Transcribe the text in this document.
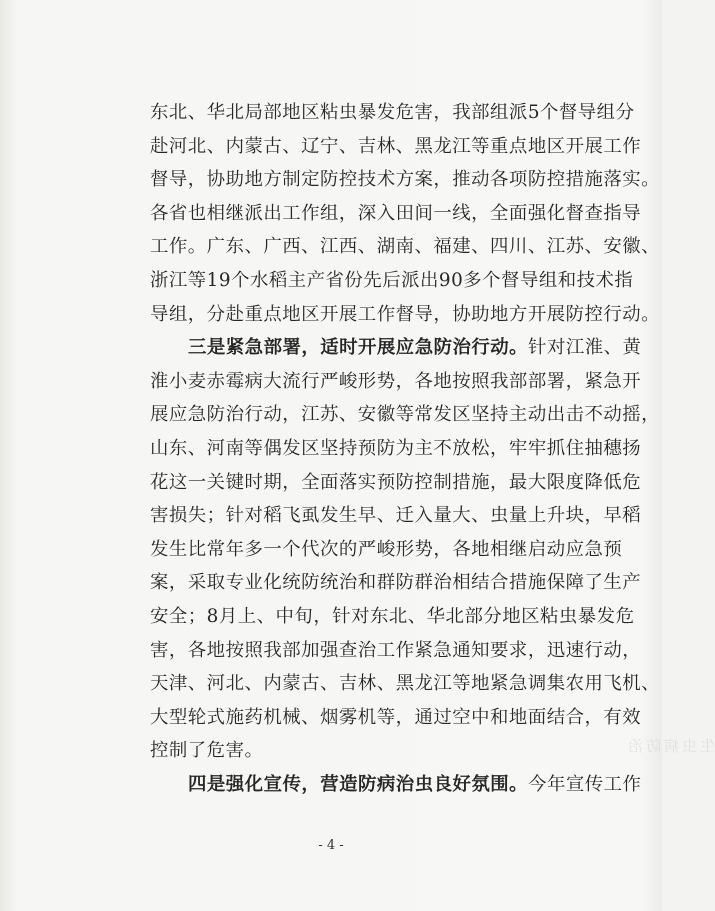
东北、华北局部地区粘虫暴发危害，我部组派5个督导组分
赴河北、内蒙古、辽宁、吉林、黑龙江等重点地区开展工作
督导，协助地方制定防控技术方案，推动各项防控措施落实。
各省也相继派出工作组，深入田间一线，全面强化督查指导
工作。广东、广西、江西、湖南、福建、四川、江苏、安徽、
浙江等19个水稻主产省份先后派出90多个督导组和技术指
导组，分赴重点地区开展工作督导，协助地方开展防控行动。
三是紧急部署，适时开展应急防治行动。针对江淮、黄
淮小麦赤霉病大流行严峻形势，各地按照我部部署，紧急开
展应急防治行动，江苏、安徽等常发区坚持主动出击不动摇，
山东、河南等偶发区坚持预防为主不放松，牢牢抓住抽穗扬
花这一关键时期，全面落实预防控制措施，最大限度降低危
害损失；针对稻飞虱发生早、迁入量大、虫量上升块，早稻
发生比常年多一个代次的严峻形势，各地相继启动应急预
案，采取专业化统防统治和群防群治相结合措施保障了生产
安全；8月上、中旬，针对东北、华北部分地区粘虫暴发危
害，各地按照我部加强查治工作紧急通知要求，迅速行动，
天津、河北、内蒙古、吉林、黑龙江等地紧急调集农用飞机、
大型轮式施药机械、烟雾机等，通过空中和地面结合，有效
控制了危害。
四是强化宣传，营造防病治虫良好氛围。今年宣传工作
生虫病防治
- 4 -
